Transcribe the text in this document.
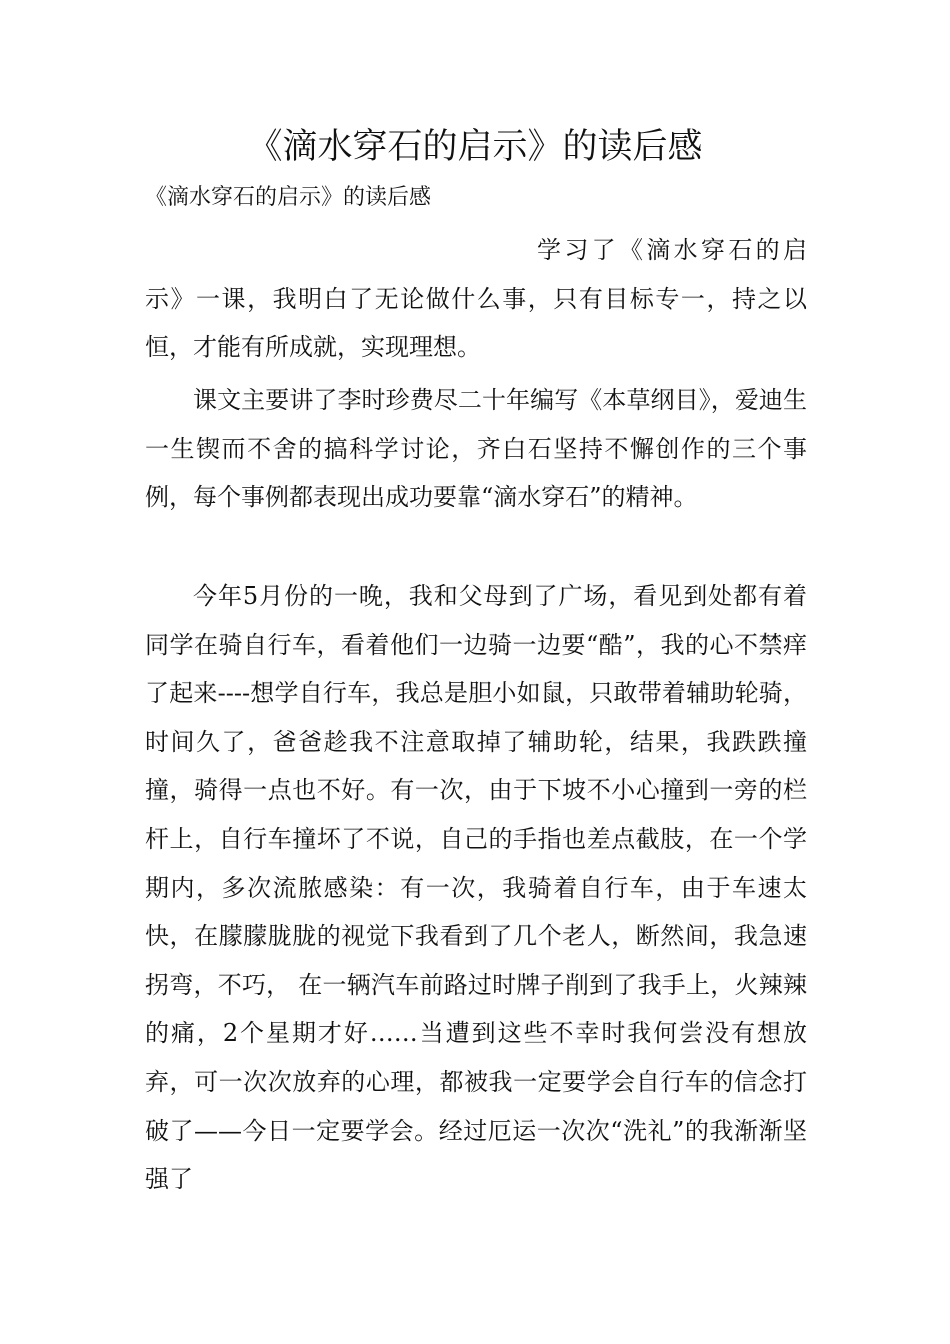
《滴水穿石的启示》的读后感

《滴水穿石的启示》的读后感

学习了《滴水穿石的启示》一课，我明白了无论做什么事，只有目标专一，持之以恒，才能有所成就，实现理想。

课文主要讲了李时珍费尽二十年编写《本草纲目》，爱迪生一生锲而不舍的搞科学讨论，齐白石坚持不懈创作的三个事例，每个事例都表现出成功要靠“滴水穿石”的精神。

今年5月份的一晚，我和父母到了广场，看见到处都有着同学在骑自行车，看着他们一边骑一边要“酷”，我的心不禁痒了起来----想学自行车，我总是胆小如鼠，只敢带着辅助轮骑，时间久了，爸爸趁我不注意取掉了辅助轮，结果，我跌跌撞撞，骑得一点也不好。有一次，由于下坡不小心撞到一旁的栏杆上，自行车撞坏了不说，自己的手指也差点截肢，在一个学期内，多次流脓感染：有一次，我骑着自行车，由于车速太快，在朦朦胧胧的视觉下我看到了几个老人，断然间，我急速拐弯，不巧， 在一辆汽车前路过时牌子削到了我手上，火辣辣的痛，2个星期才好……当遭到这些不幸时我何尝没有想放弃，可一次次放弃的心理，都被我一定要学会自行车的信念打破了——今日一定要学会。经过厄运一次次“洗礼”的我渐渐坚强了
